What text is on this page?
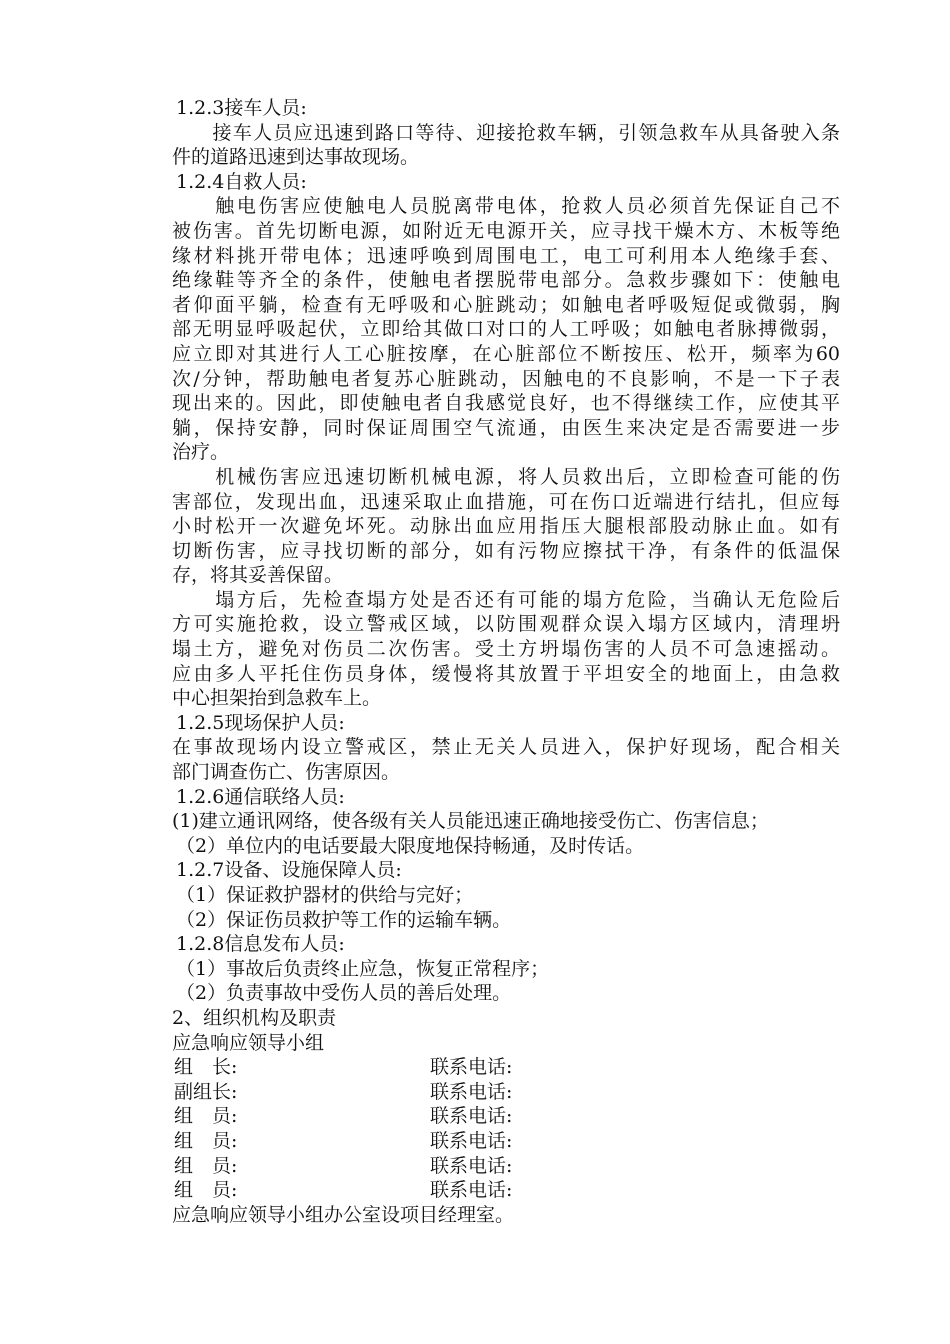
1.2.3接车人员:
　　接车人员应迅速到路口等待、迎接抢救车辆，引领急救车从具备驶入条
件的道路迅速到达事故现场。
1.2.4自救人员:
　　触电伤害应使触电人员脱离带电体，抢救人员必须首先保证自己不
被伤害。首先切断电源，如附近无电源开关，应寻找干燥木方、木板等绝
缘材料挑开带电体；迅速呼唤到周围电工，电工可利用本人绝缘手套、
绝缘鞋等齐全的条件，使触电者摆脱带电部分。急救步骤如下：使触电
者仰面平躺，检查有无呼吸和心脏跳动；如触电者呼吸短促或微弱，胸
部无明显呼吸起伏，立即给其做口对口的人工呼吸；如触电者脉搏微弱，
应立即对其进行人工心脏按摩，在心脏部位不断按压、松开，频率为60
次/分钟，帮助触电者复苏心脏跳动，因触电的不良影响，不是一下子表
现出来的。因此，即使触电者自我感觉良好，也不得继续工作，应使其平
躺，保持安静，同时保证周围空气流通，由医生来决定是否需要进一步
治疗。
　　机械伤害应迅速切断机械电源，将人员救出后，立即检查可能的伤
害部位，发现出血，迅速采取止血措施，可在伤口近端进行结扎，但应每
小时松开一次避免坏死。动脉出血应用指压大腿根部股动脉止血。如有
切断伤害，应寻找切断的部分，如有污物应擦拭干净，有条件的低温保
存，将其妥善保留。
　　塌方后，先检查塌方处是否还有可能的塌方危险，当确认无危险后
方可实施抢救，设立警戒区域，以防围观群众误入塌方区域内，清理坍
塌土方，避免对伤员二次伤害。受土方坍塌伤害的人员不可急速摇动。
应由多人平托住伤员身体，缓慢将其放置于平坦安全的地面上，由急救
中心担架抬到急救车上。
1.2.5现场保护人员:
在事故现场内设立警戒区，禁止无关人员进入，保护好现场，配合相关
部门调查伤亡、伤害原因。
1.2.6通信联络人员:
(1)建立通讯网络，使各级有关人员能迅速正确地接受伤亡、伤害信息；
（2）单位内的电话要最大限度地保持畅通，及时传话。
1.2.7设备、设施保障人员:
（1）保证救护器材的供给与完好；
（2）保证伤员救护等工作的运输车辆。
1.2.8信息发布人员:
（1）事故后负责终止应急，恢复正常程序；
（2）负责事故中受伤人员的善后处理。
2、组织机构及职责
应急响应领导小组
组　长:	联系电话:
副组长:	联系电话:
组　员:	联系电话:
组　员:	联系电话:
组　员:	联系电话:
组　员:	联系电话:
应急响应领导小组办公室设项目经理室。
